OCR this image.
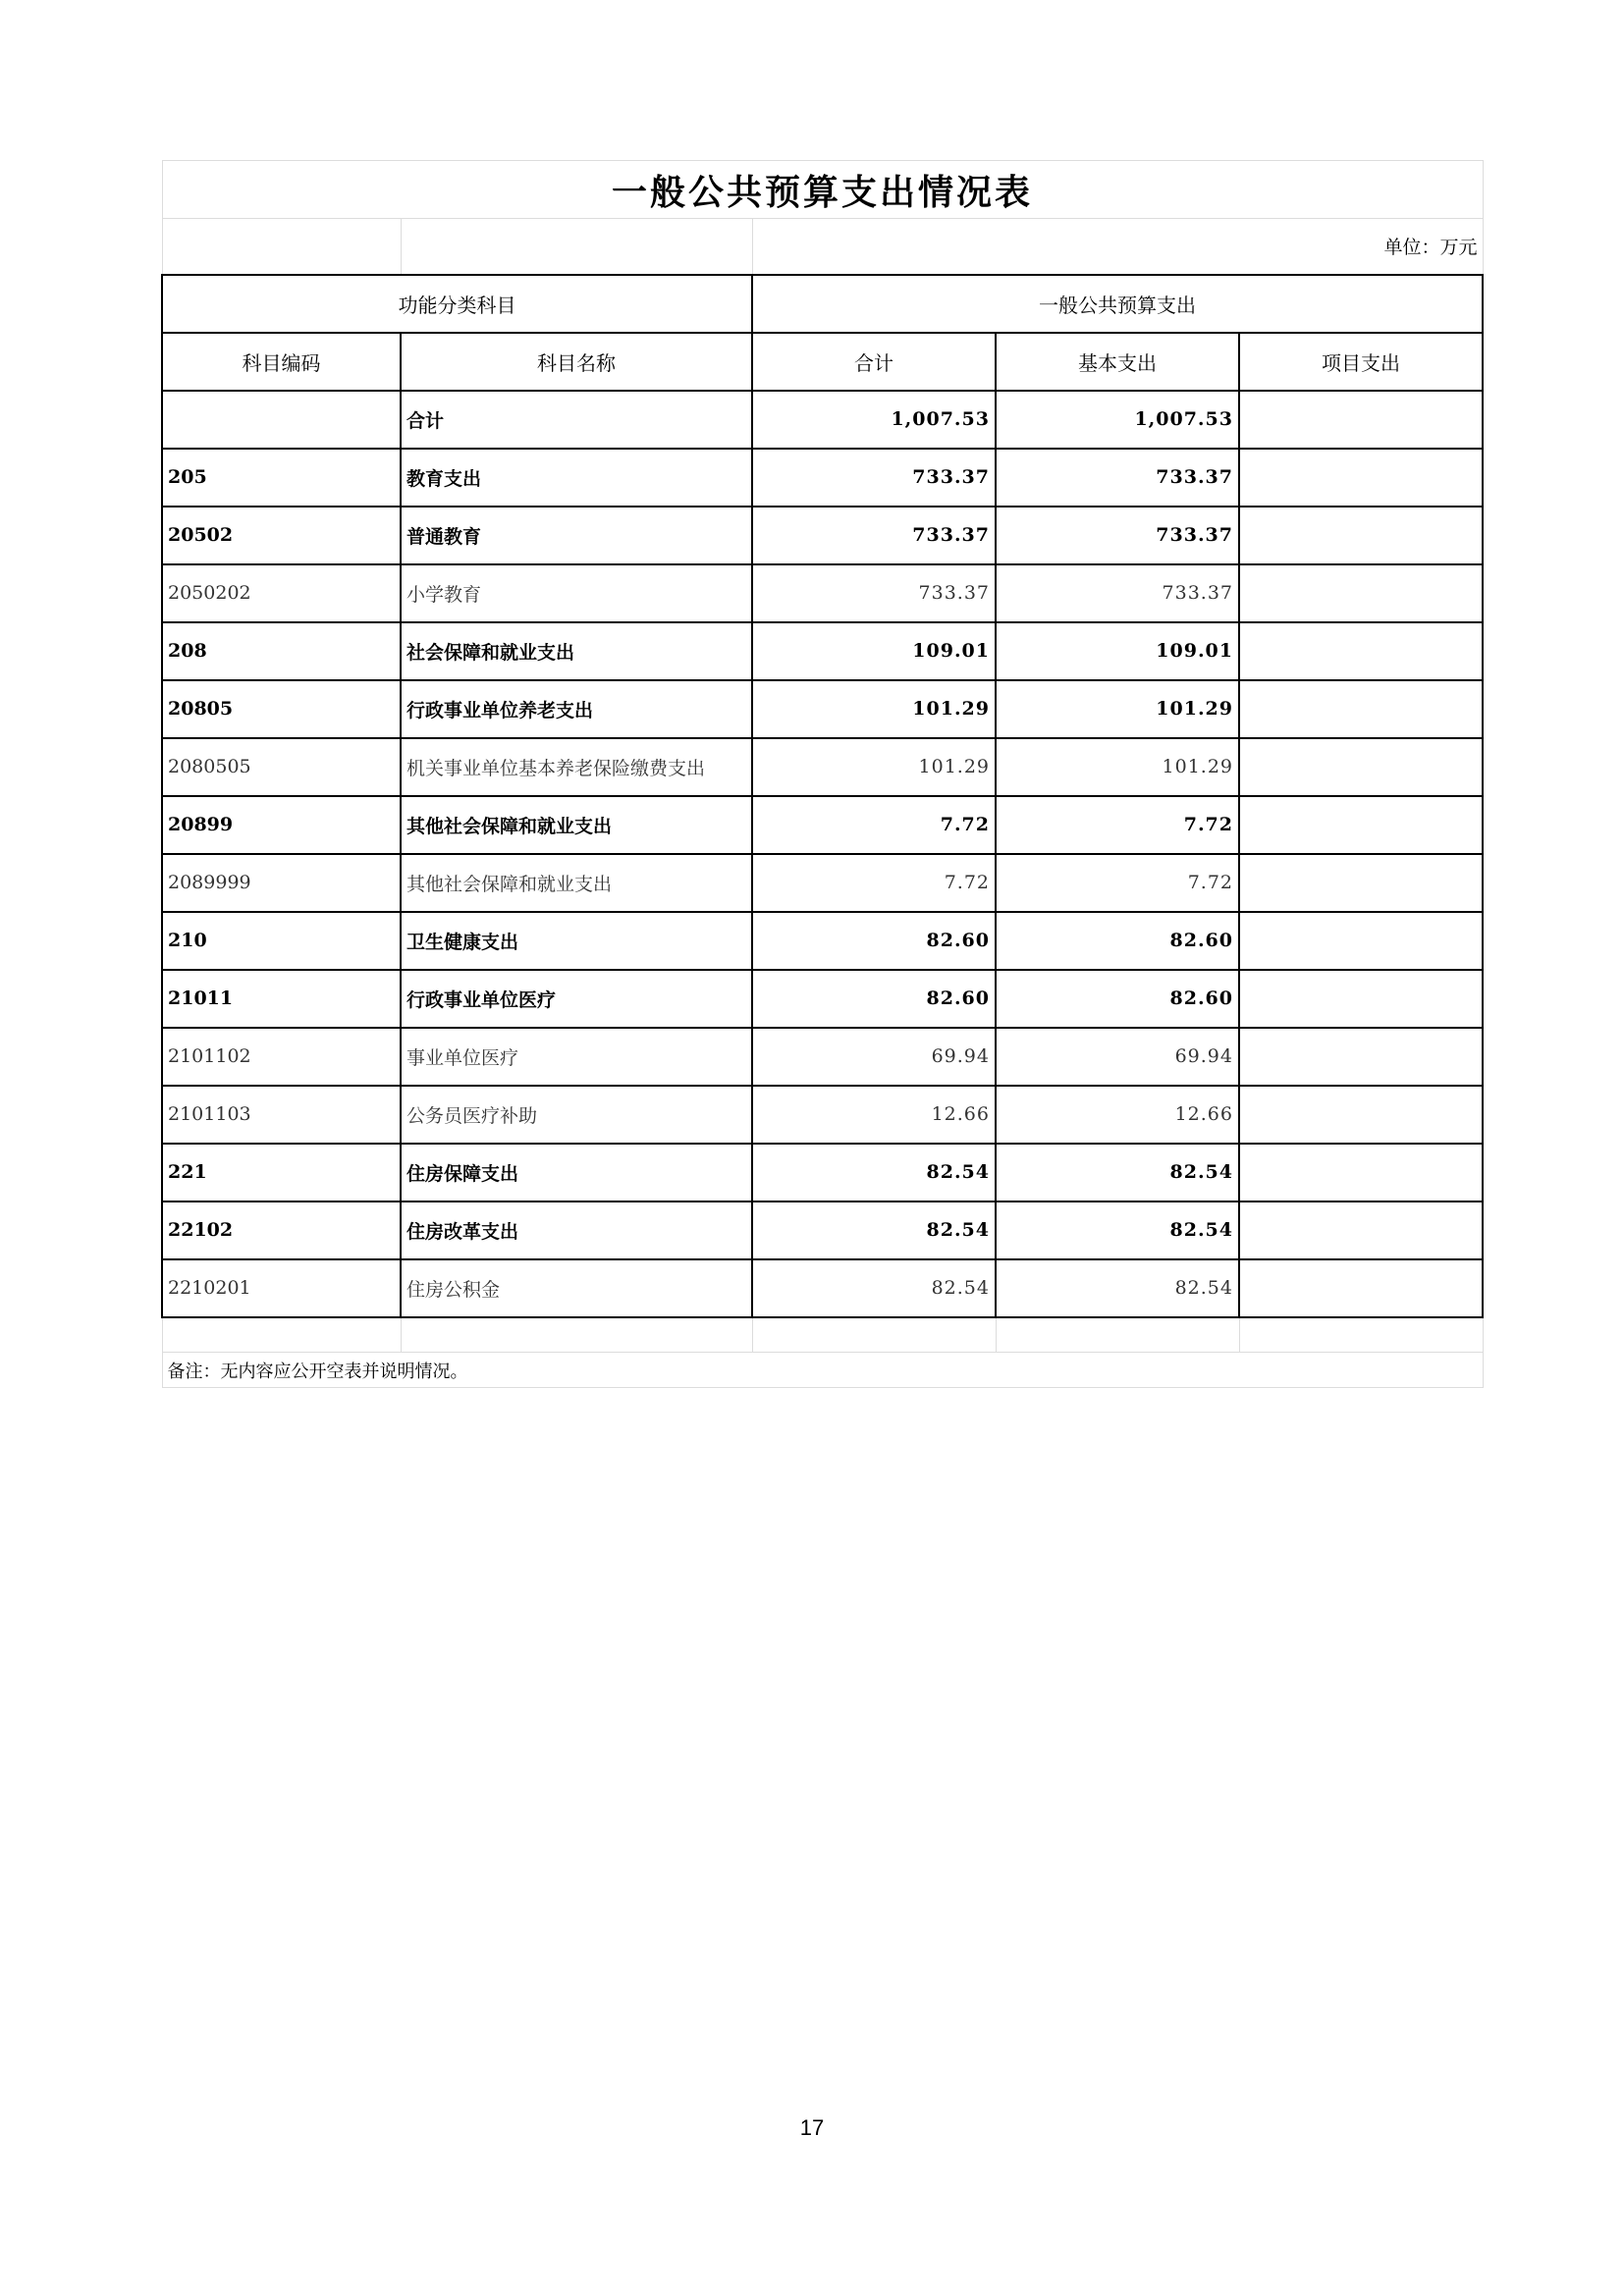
一般公共预算支出情况表				
		单位：万元		
功能分类科目		一般公共预算支出		
科目编码	科目名称	合计	基本支出	项目支出
	合计	1,007.53	1,007.53	
205	教育支出	733.37	733.37	
20502	普通教育	733.37	733.37	
2050202	小学教育	733.37	733.37	
208	社会保障和就业支出	109.01	109.01	
20805	行政事业单位养老支出	101.29	101.29	
2080505	机关事业单位基本养老保险缴费支出	101.29	101.29	
20899	其他社会保障和就业支出	7.72	7.72	
2089999	其他社会保障和就业支出	7.72	7.72	
210	卫生健康支出	82.60	82.60	
21011	行政事业单位医疗	82.60	82.60	
2101102	事业单位医疗	69.94	69.94	
2101103	公务员医疗补助	12.66	12.66	
221	住房保障支出	82.54	82.54	
22102	住房改革支出	82.54	82.54	
2210201	住房公积金	82.54	82.54	

备注：无内容应公开空表并说明情况。				
17
